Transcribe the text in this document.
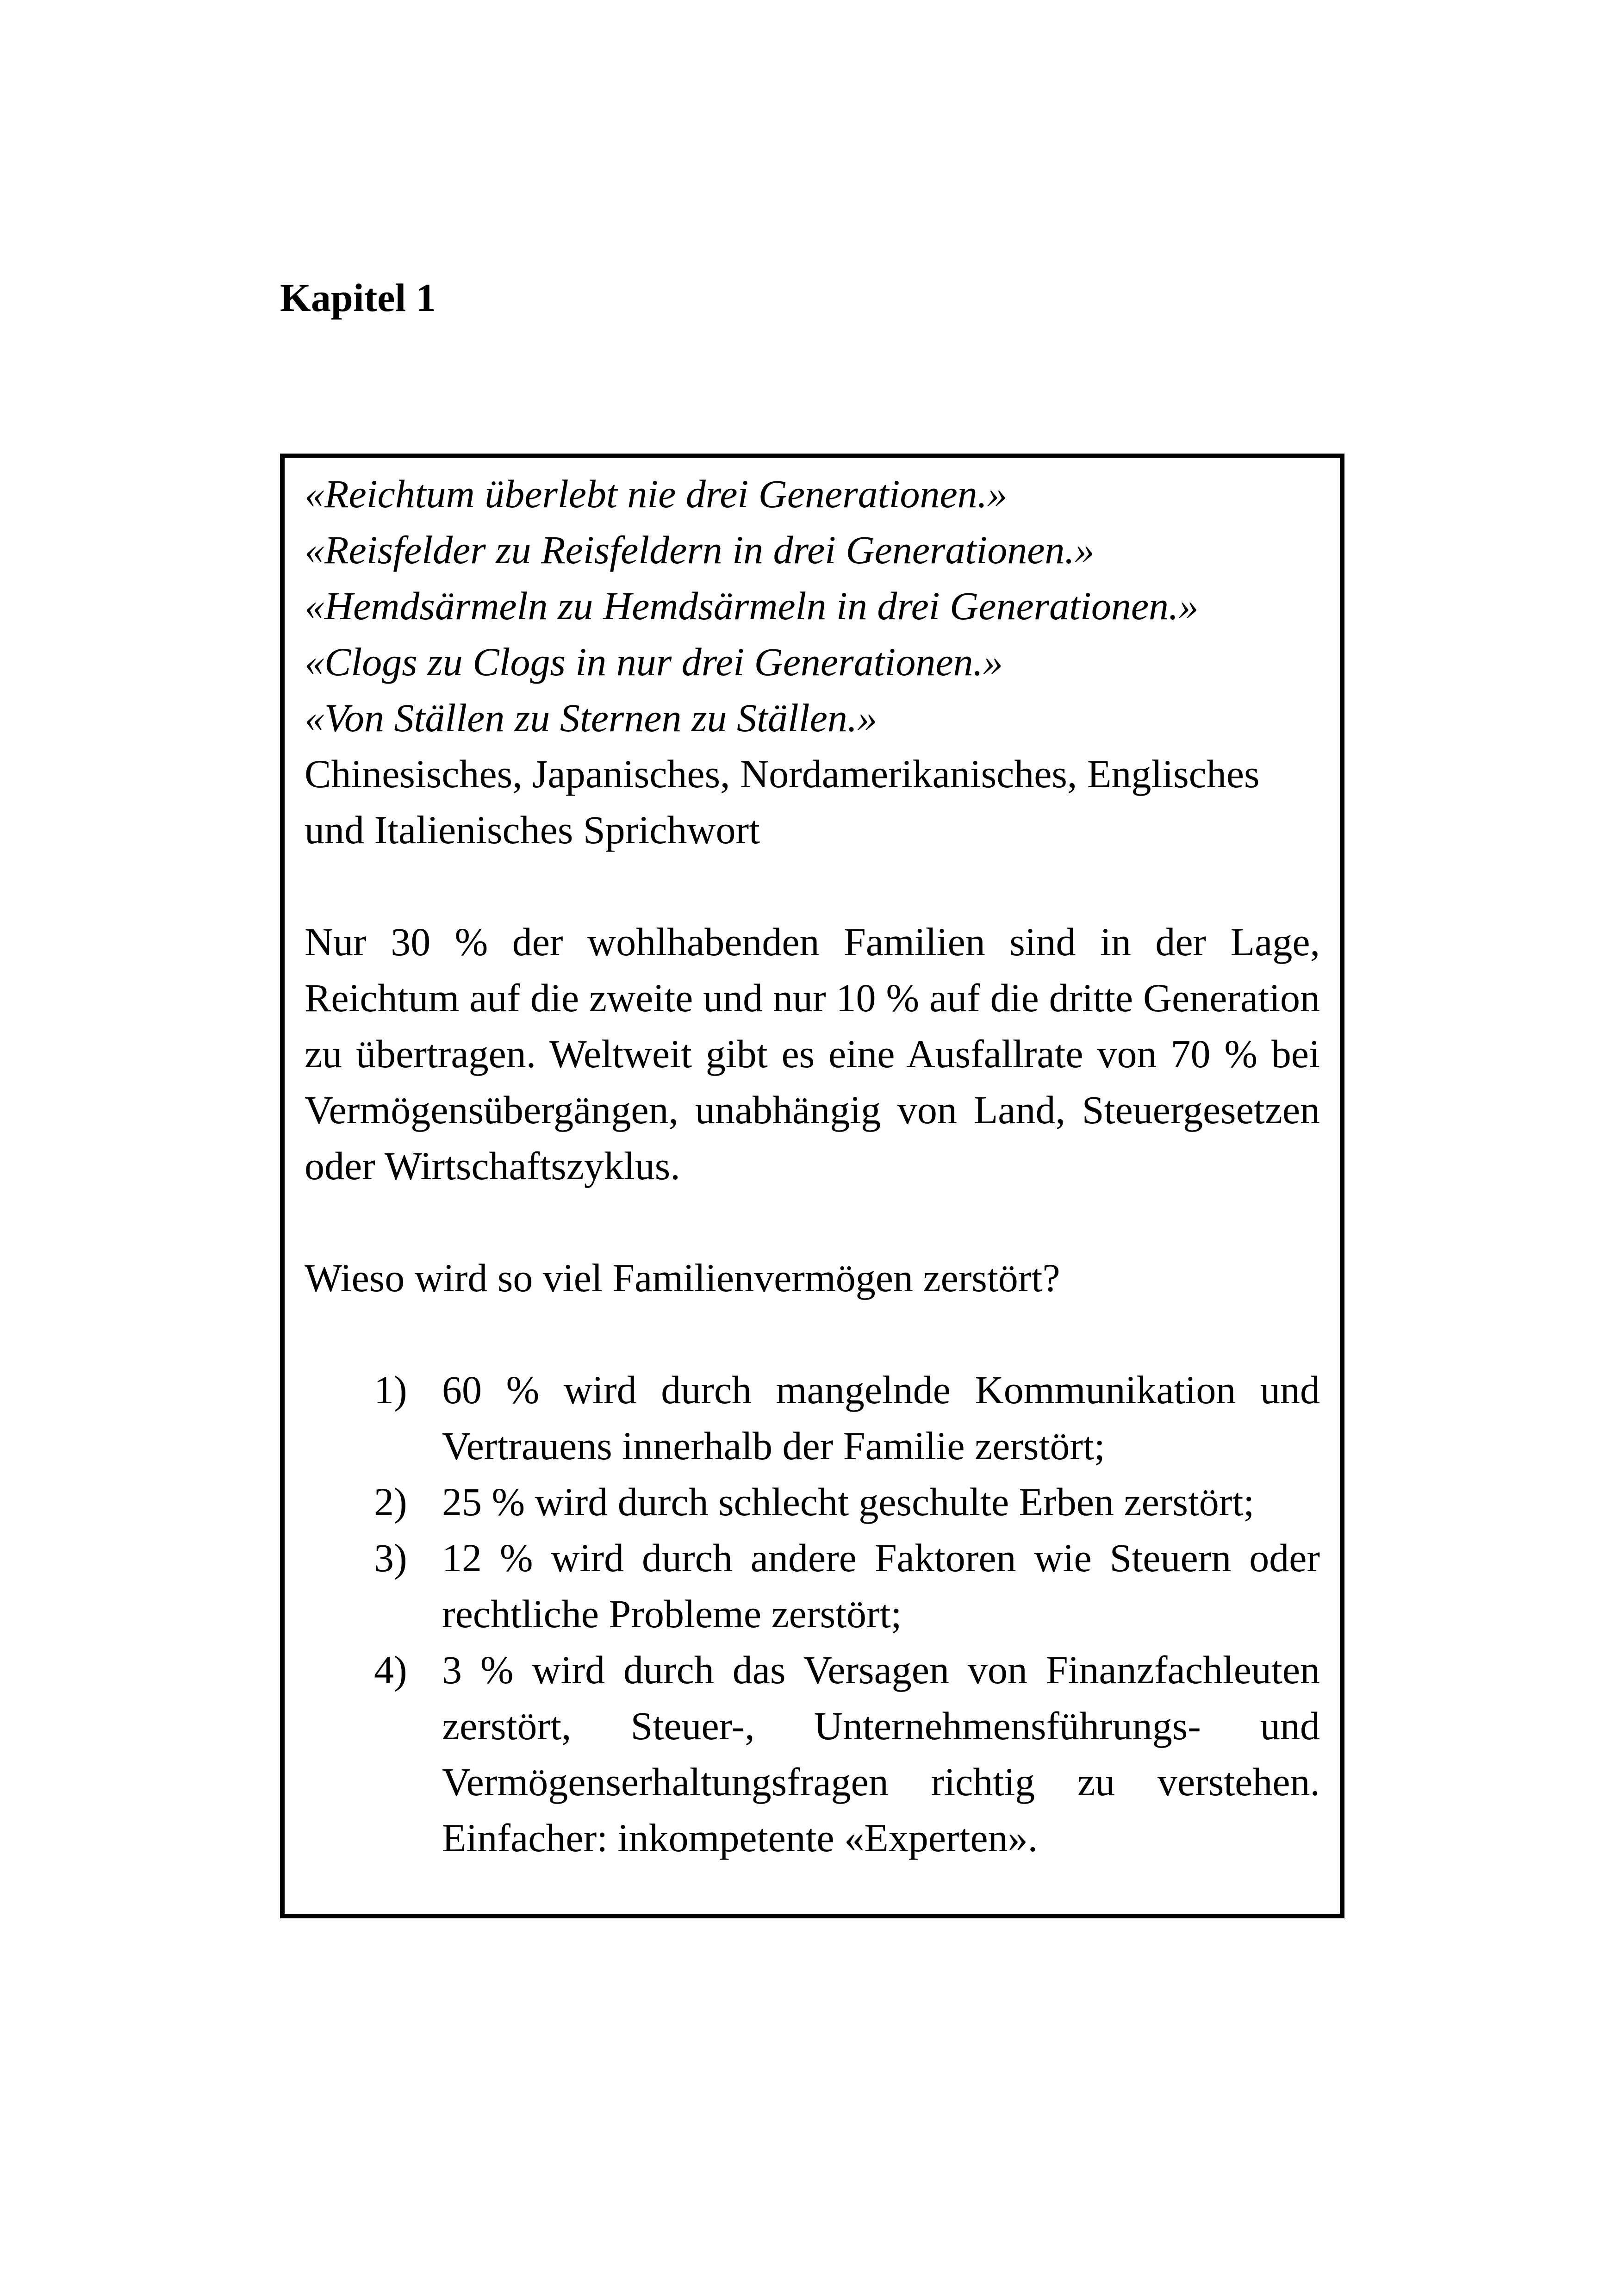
Kapitel 1

«Reichtum überlebt nie drei Generationen.»

«Reisfelder zu Reisfeldern in drei Generationen.»

«Hemdsärmeln zu Hemdsärmeln in drei Generationen.»

«Clogs zu Clogs in nur drei Generationen.»

«Von Ställen zu Sternen zu Ställen.»

Chinesisches, Japanisches, Nordamerikanisches, Englisches und Italienisches Sprichwort

Nur 30 % der wohlhabenden Familien sind in der Lage, Reichtum auf die zweite und nur 10 % auf die dritte Generation zu übertragen. Weltweit gibt es eine Ausfallrate von 70 % bei Vermögensübergängen, unabhängig von Land, Steuergesetzen oder Wirtschaftszyklus.

Wieso wird so viel Familienvermögen zerstört?

1) 60 % wird durch mangelnde Kommunikation und Vertrauens innerhalb der Familie zerstört;
2) 25 % wird durch schlecht geschulte Erben zerstört;
3) 12 % wird durch andere Faktoren wie Steuern oder rechtliche Probleme zerstört;
4) 3 % wird durch das Versagen von Finanzfachleuten zerstört, Steuer-, Unternehmensführungs- und Vermögenserhaltungsfragen richtig zu verstehen. Einfacher: inkompetente «Experten».
